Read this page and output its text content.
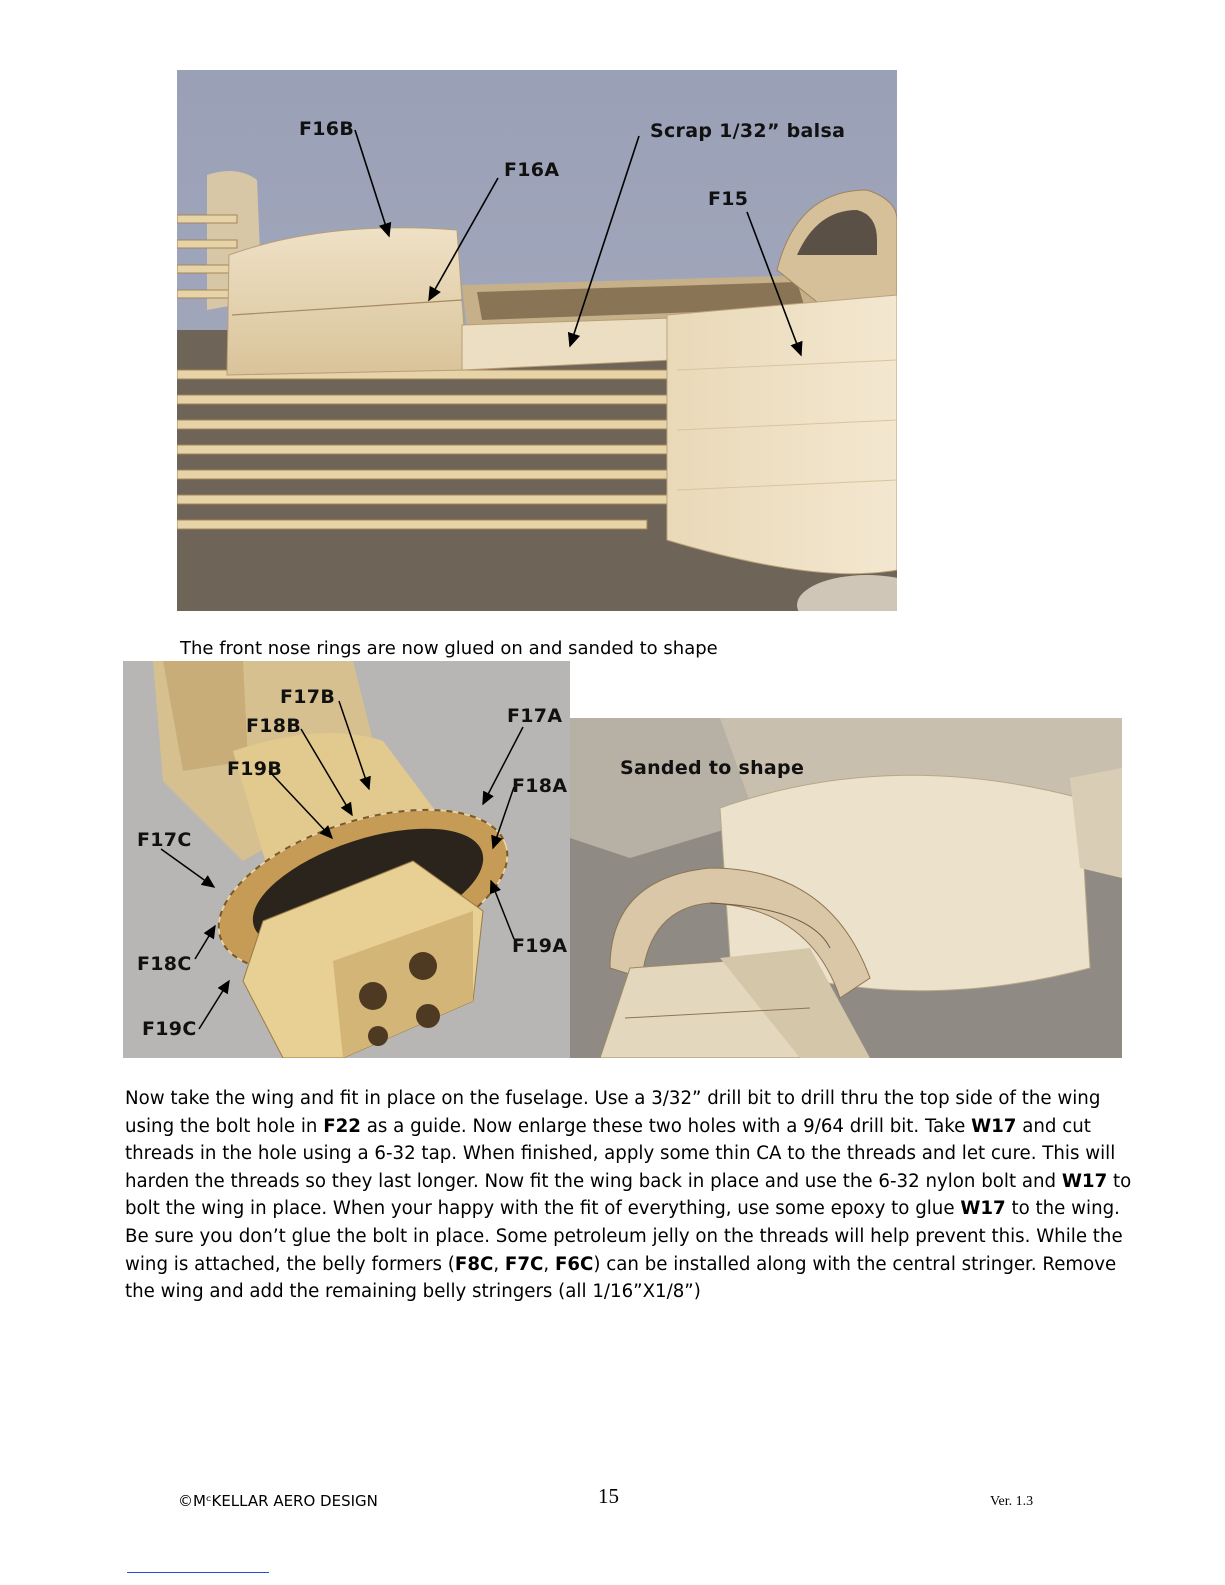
F16B
F16A
Scrap 1/32” balsa
F15
The front nose rings are now glued on and sanded to shape
F17B
F18B
F19B
F17A
F18A
F17C
F18C
F19C
F19A
Sanded to shape
Now take the wing and fit in place on the fuselage. Use a 3/32” drill bit to drill thru the top side of the wing using the bolt hole in F22 as a guide. Now enlarge these two holes with a 9/64 drill bit. Take W17 and cut threads in the hole using a 6-32 tap. When finished, apply some thin CA to the threads and let cure. This will harden the threads so they last longer. Now fit the wing back in place and use the 6-32 nylon bolt and W17 to bolt the wing in place. When your happy with the fit of everything, use some epoxy to glue W17 to the wing. Be sure you don’t glue the bolt in place. Some petroleum jelly on the threads will help prevent this. While the wing is attached, the belly formers (F8C, F7C, F6C) can be installed along with the central stringer. Remove the wing and add the remaining belly stringers (all 1/16”X1/8”)
©MᶜKELLAR AERO DESIGN	15	Ver. 1.3
